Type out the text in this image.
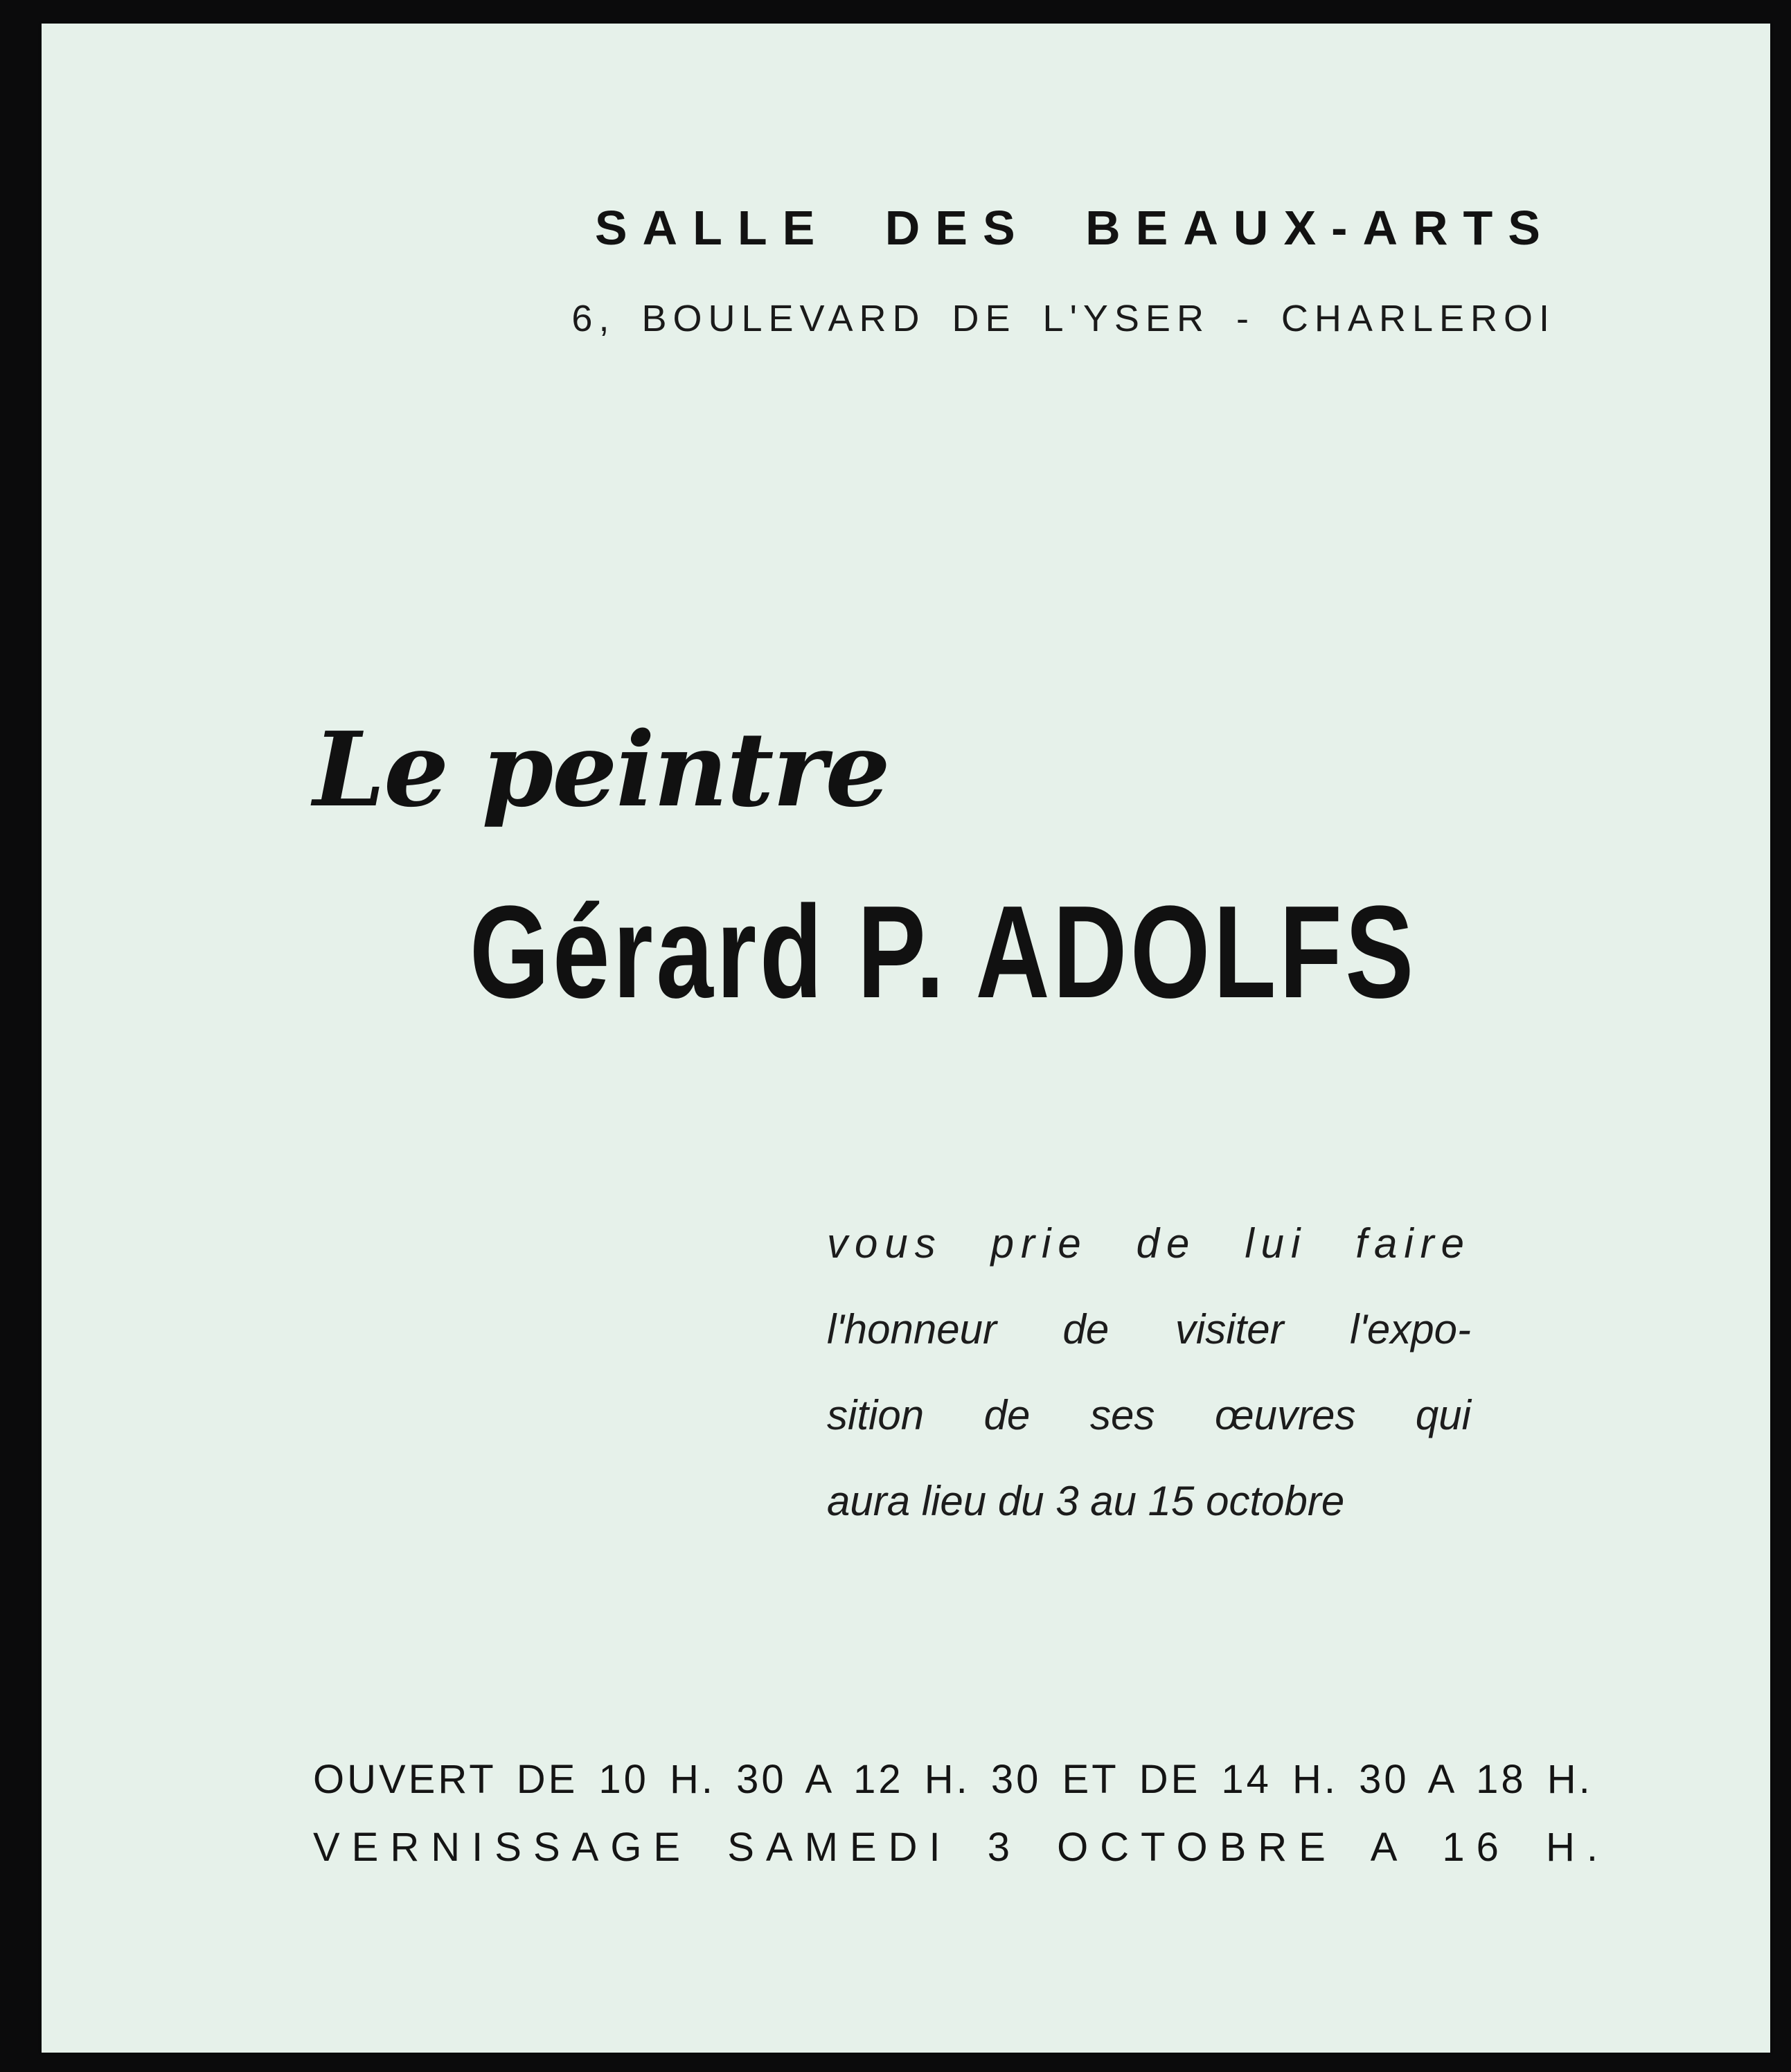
SALLE DES BEAUX-ARTS
6, BOULEVARD DE L'YSER - CHARLEROI
Le peintre
Gérard P. ADOLFS
vous prie de lui faire
l'honneur de visiter l'expo-
sition de ses œuvres qui
aura lieu du 3 au 15 octobre
OUVERT DE 10 H. 30 A 12 H. 30 ET DE 14 H. 30 A 18 H.
VERNISSAGE SAMEDI 3 OCTOBRE A 16 H.
